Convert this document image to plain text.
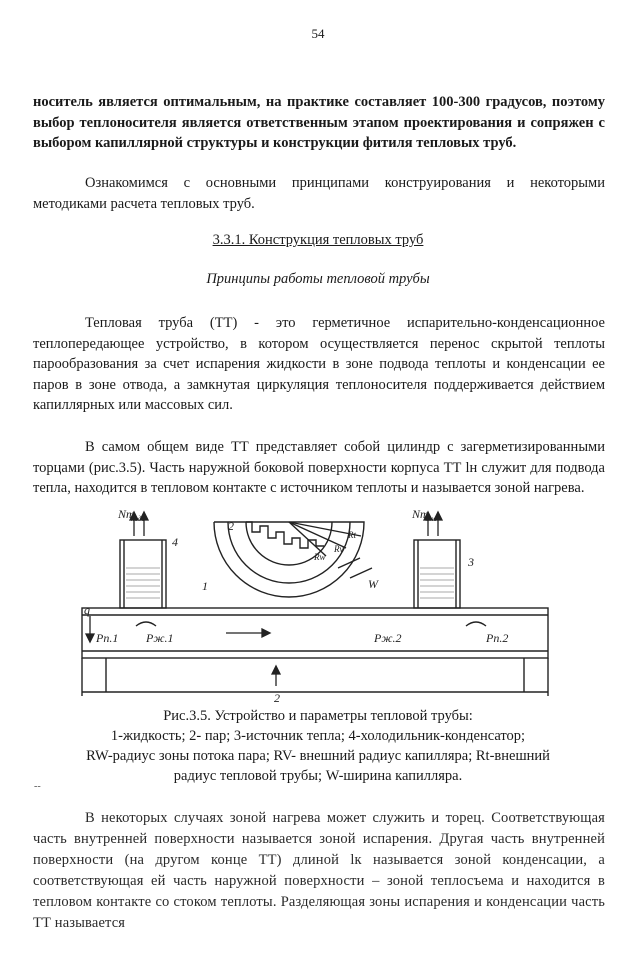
54

носитель является оптимальным, на практике составляет 100-300 градусов, поэтому выбор теплоносителя является ответственным этапом проектирования и сопряжен с выбором капиллярной структуры и конструкции фитиля тепловых труб.

Ознакомимся с основными принципами конструирования и некоторыми методиками расчета тепловых труб.

3.3.1. Конструкция тепловых труб
Принципы работы тепловой трубы

Тепловая труба (ТТ) - это герметичное испарительно-конденсационное теплопередающее устройство, в котором осуществляется перенос скрытой теплоты парообразования за счет испарения жидкости в зоне подвода теплоты и конденсации ее паров в зоне отвода, а замкнутая циркуляция теплоносителя поддерживается действием капиллярных или массовых сил.

В самом общем виде ТТ представляет собой цилиндр с загерметизированными торцами (рис.3.5). Часть наружной боковой поверхности корпуса ТТ lн служит для подвода тепла, находится в тепловом контакте с источником теплоты и называется зоной нагрева.

Nт
подв	Nт
отв
4
3
2
1
2
q
W
Rw
Rv
Rt
Pп.1 Pж.1	Pж.2	Pп.2
Рис.3.5. Устройство и параметры тепловой трубы:
1-жидкость; 2- пар; 3-источник тепла; 4-холодильник-конденсатор;
RW-радиус зоны потока пара; RV- внешний радиус капилляра; Rt-внешний
радиус тепловой трубы; W-ширина капилляра.
--

В некоторых случаях зоной нагрева может служить и торец. Соответствующая часть внутренней поверхности называется зоной испарения. Другая часть внутренней поверхности (на другом конце ТТ) длиной lк называется зоной конденсации, а соответствующая ей часть наружной поверхности – зоной теплосъема и находится в тепловом контакте со стоком теплоты. Разделяющая зоны испарения и конденсации часть ТТ называется
